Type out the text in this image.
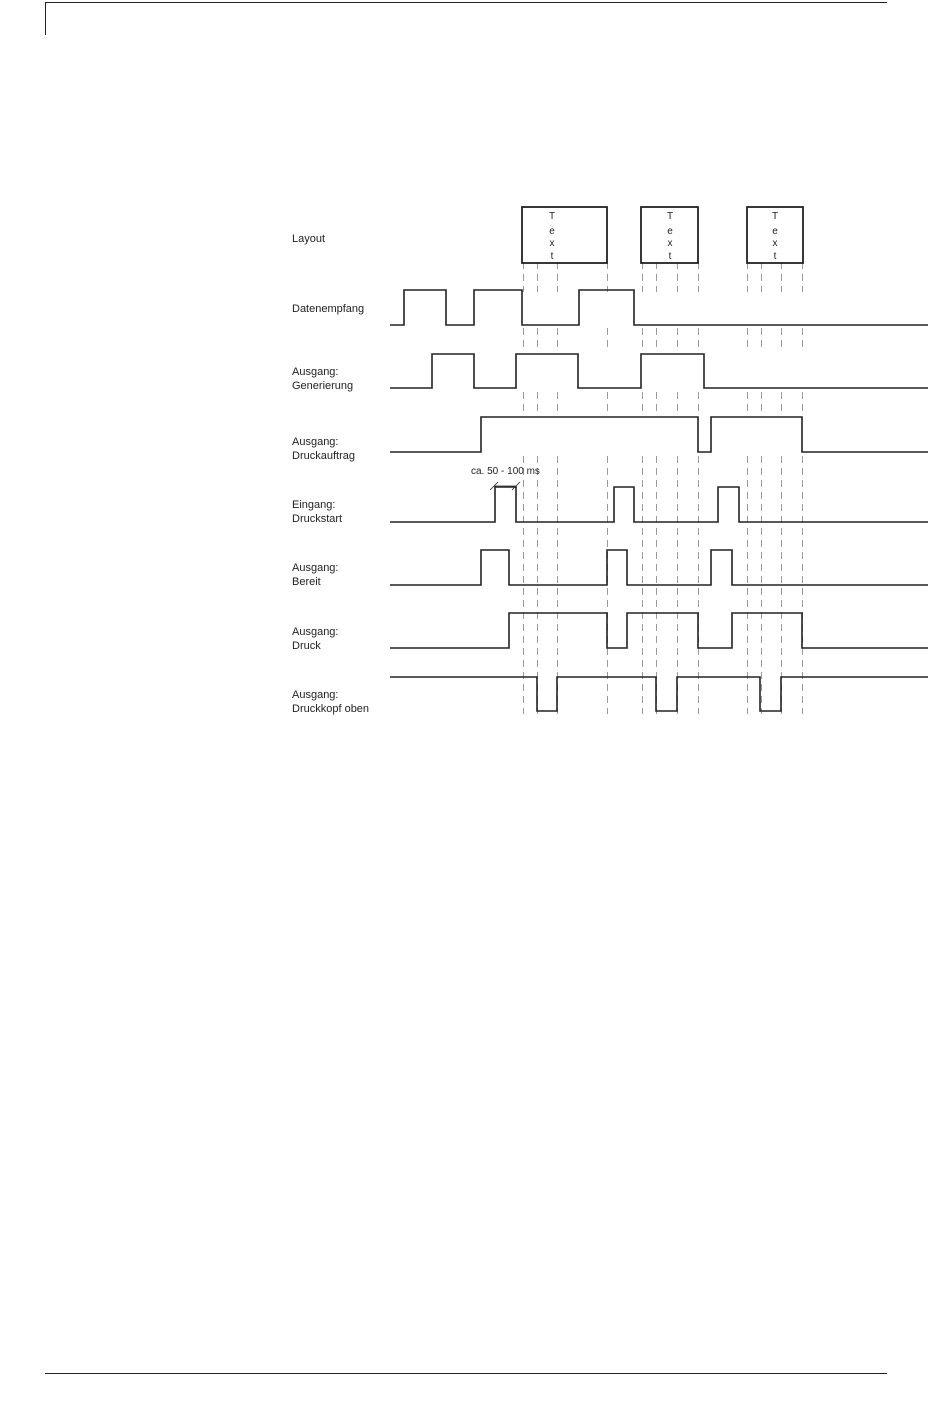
Layout
T
e
x
t
T
e
x
t
T
e
x
t
Datenempfang
Ausgang:
Generierung
Ausgang:
Druckauftrag
Eingang:
Druckstart
Ausgang:
Bereit
Ausgang:
Druck
Ausgang:
Druckkopf oben
ca. 50 - 100 ms
